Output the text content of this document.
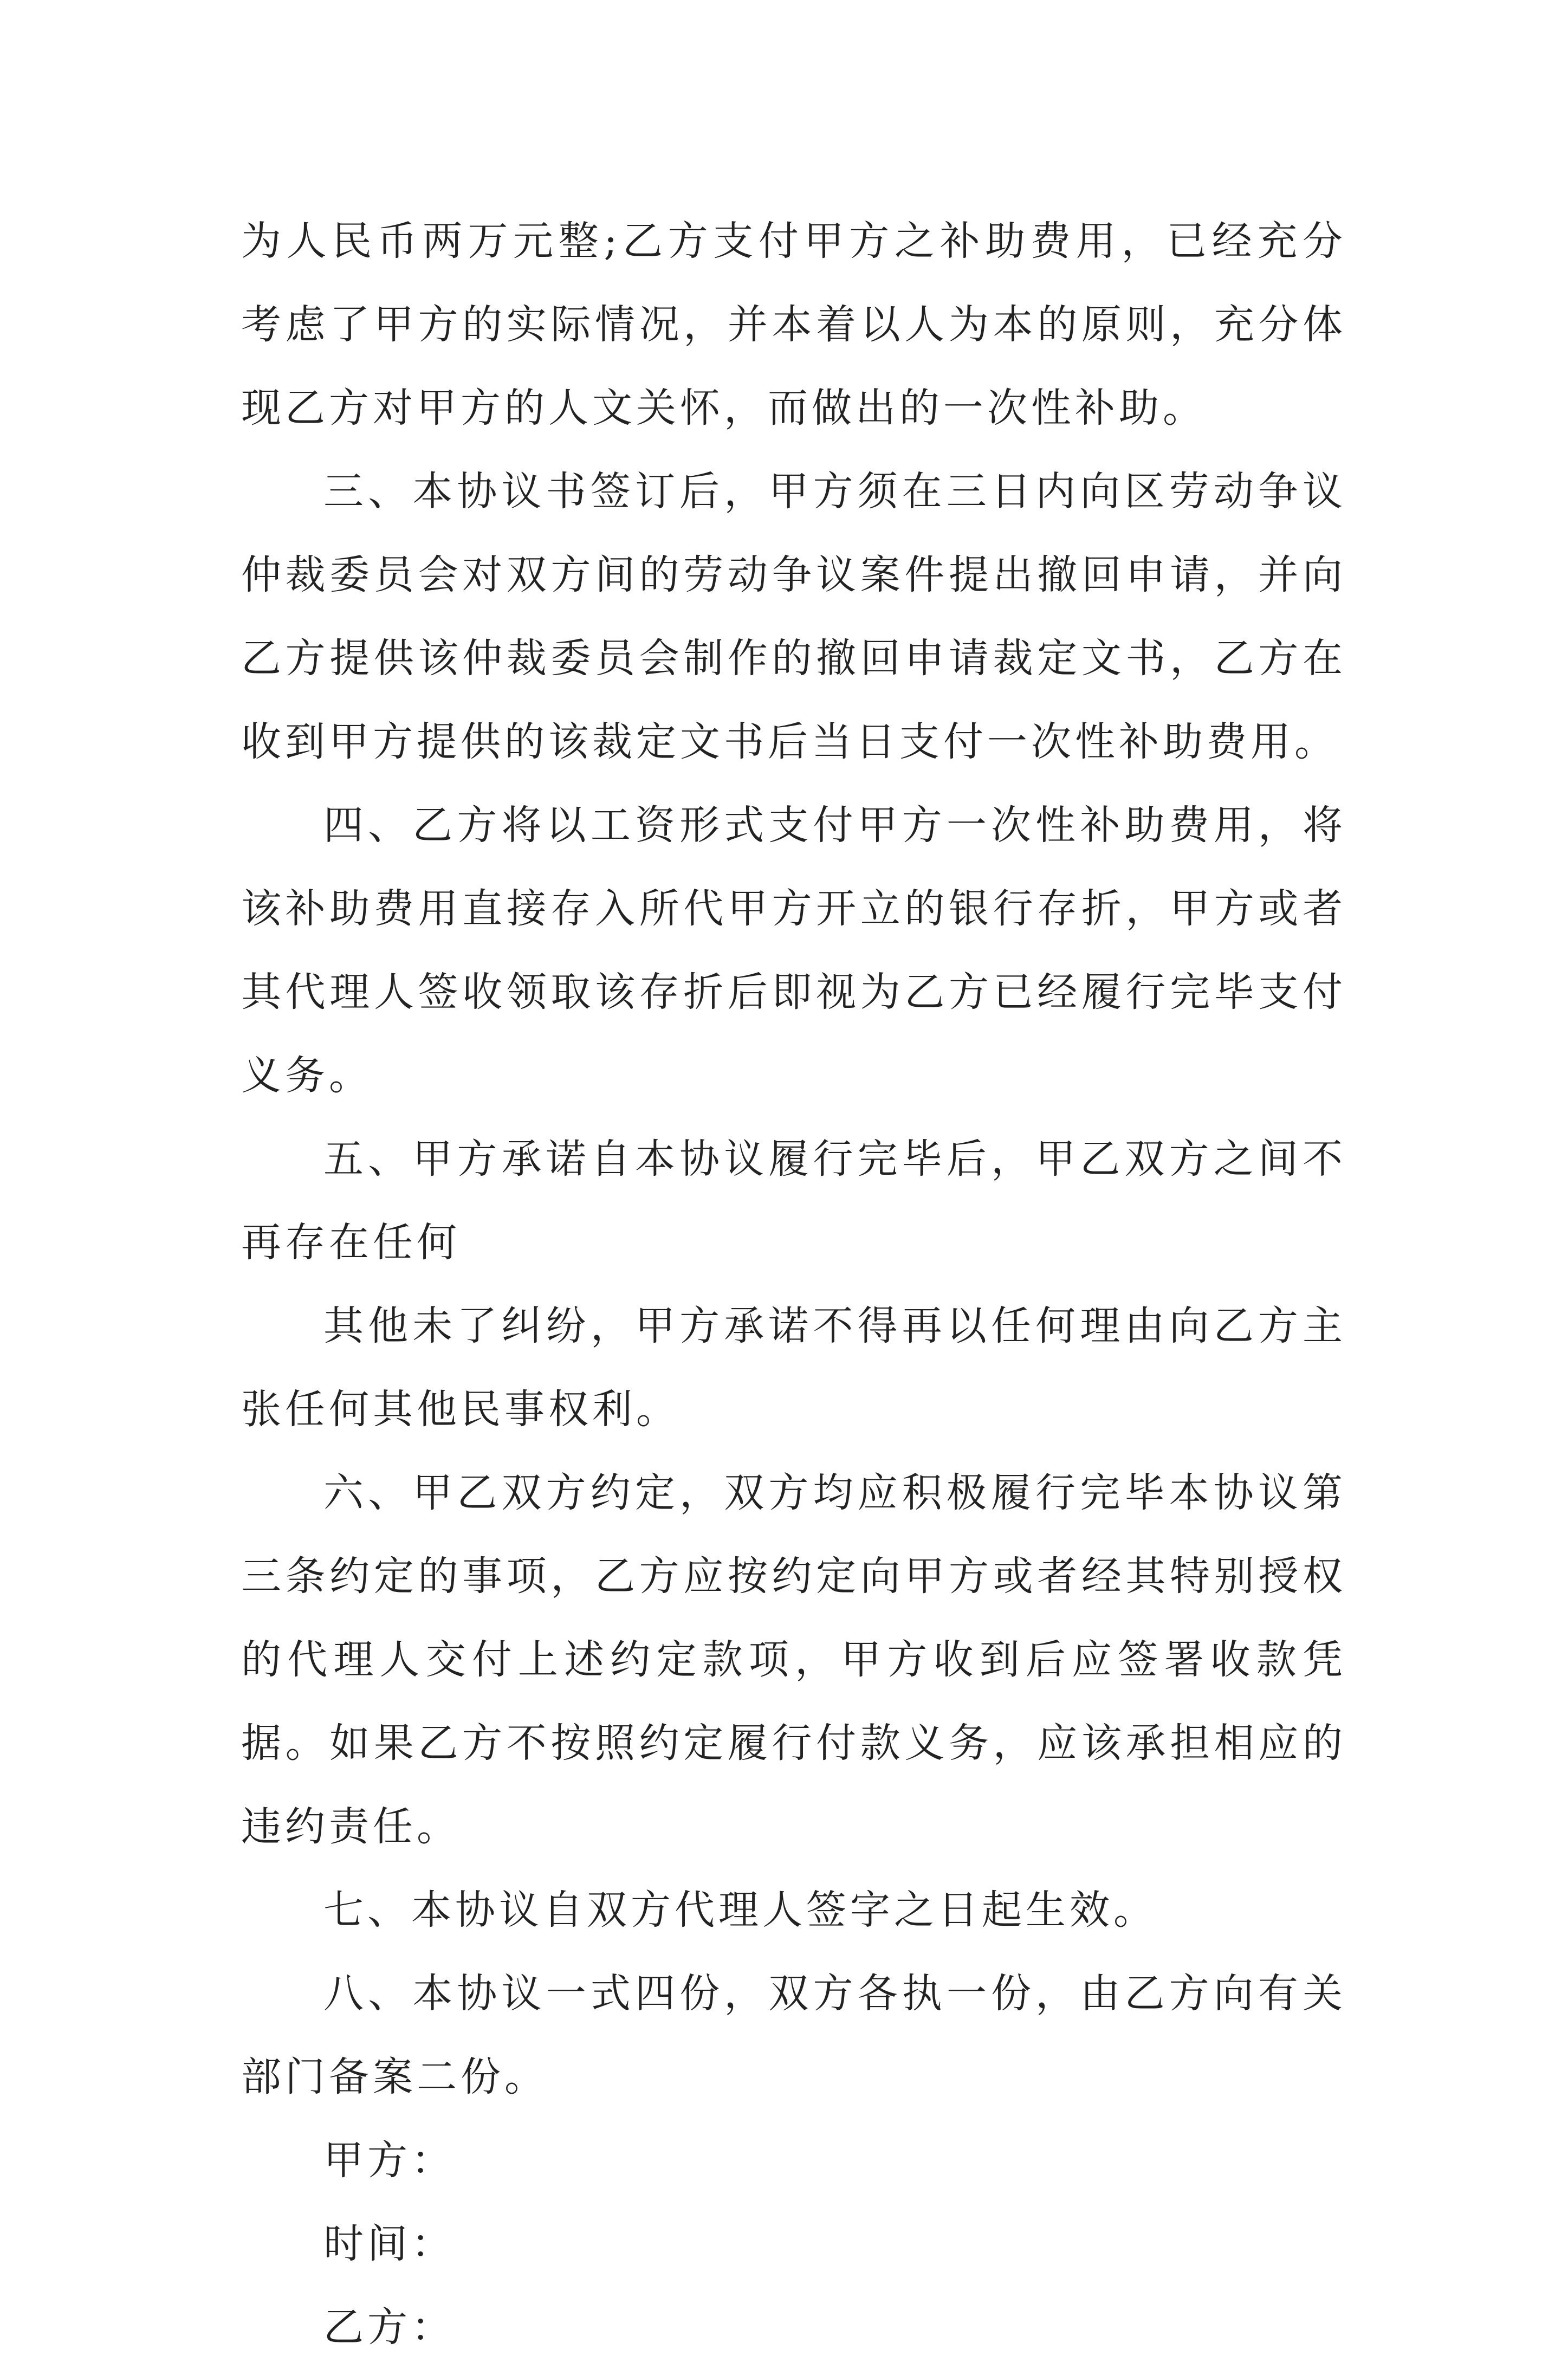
为人民币两万元整;乙方支付甲方之补助费用，已经充分考虑了甲方的实际情况，并本着以人为本的原则，充分体现乙方对甲方的人文关怀，而做出的一次性补助。

三、本协议书签订后，甲方须在三日内向区劳动争议仲裁委员会对双方间的劳动争议案件提出撤回申请，并向乙方提供该仲裁委员会制作的撤回申请裁定文书，乙方在收到甲方提供的该裁定文书后当日支付一次性补助费用。

四、乙方将以工资形式支付甲方一次性补助费用，将该补助费用直接存入所代甲方开立的银行存折，甲方或者其代理人签收领取该存折后即视为乙方已经履行完毕支付义务。

五、甲方承诺自本协议履行完毕后，甲乙双方之间不再存在任何

其他未了纠纷，甲方承诺不得再以任何理由向乙方主张任何其他民事权利。

六、甲乙双方约定，双方均应积极履行完毕本协议第三条约定的事项，乙方应按约定向甲方或者经其特别授权的代理人交付上述约定款项，甲方收到后应签署收款凭据。如果乙方不按照约定履行付款义务，应该承担相应的违约责任。

七、本协议自双方代理人签字之日起生效。

八、本协议一式四份，双方各执一份，由乙方向有关部门备案二份。

甲方：

时间：

乙方：
